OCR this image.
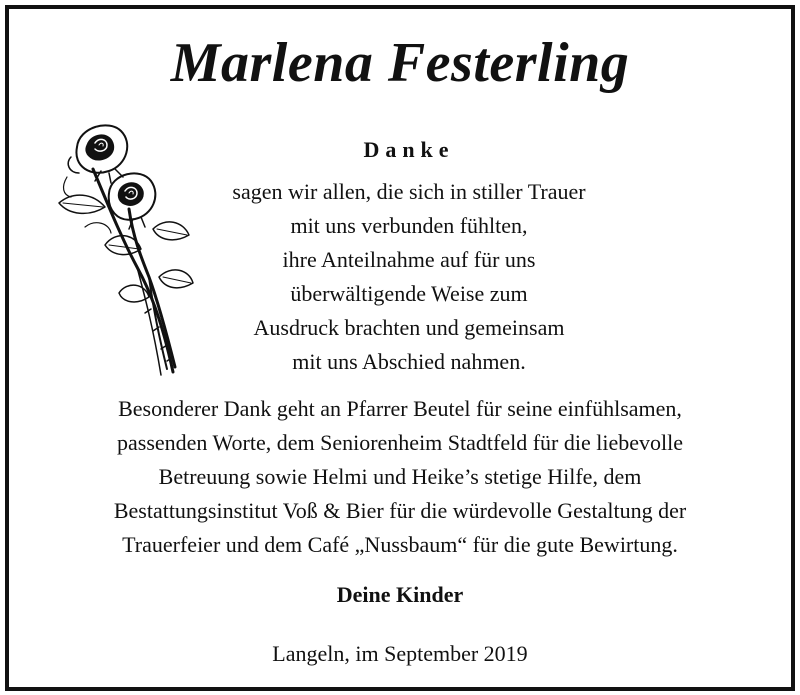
Marlena Festerling
Danke
sagen wir allen, die sich in stiller Trauer
mit uns verbunden fühlten,
ihre Anteilnahme auf für uns
überwältigende Weise zum
Ausdruck brachten und gemeinsam
mit uns Abschied nahmen.
Besonderer Dank geht an Pfarrer Beutel für seine einfühlsamen,
passenden Worte, dem Seniorenheim Stadtfeld für die liebevolle
Betreuung sowie Helmi und Heike’s stetige Hilfe, dem
Bestattungsinstitut Voß & Bier für die würdevolle Gestaltung der
Trauerfeier und dem Café „Nussbaum“ für die gute Bewirtung.
Deine Kinder
Langeln, im September 2019
